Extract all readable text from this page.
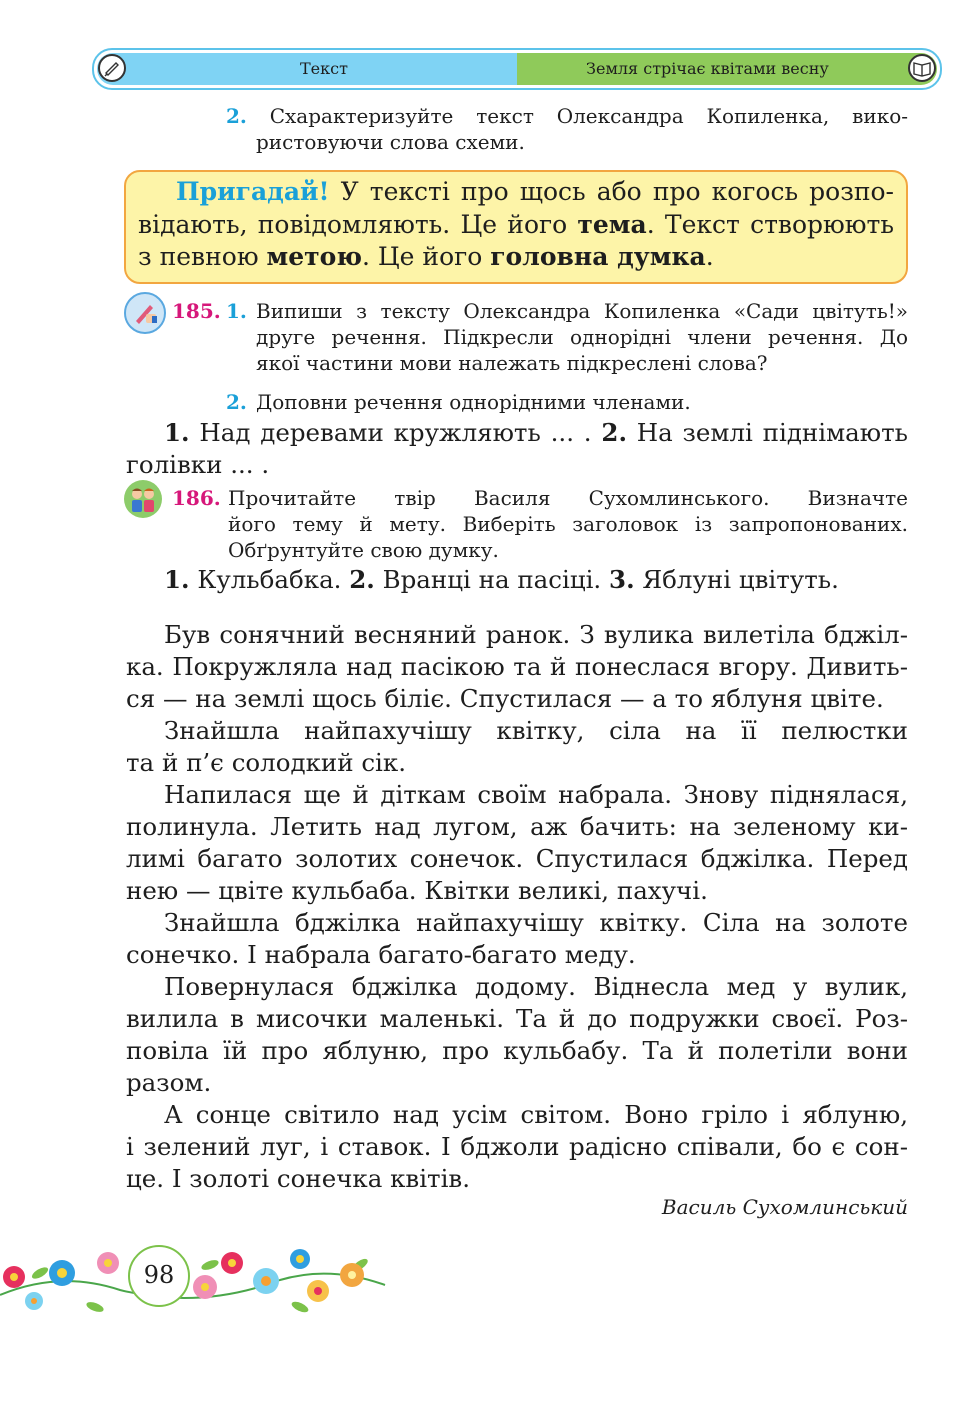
Текст	Земля стрічає квітами весну
2. Схарактеризуйте текст Олександра Копиленка, вико-
ристовуючи слова схеми.
Пригадай! У тексті про щось або про когось розпо-
відають, повідомляють. Це його тема. Текст створюють
з певною метою. Це його головна думка.
185. 1. Випиши з тексту Олександра Копиленка «Сади цвітуть!»
друге речення. Підкресли однорідні члени речення. До
якої частини мови належать підкреслені слова?
2. Доповни речення однорідними членами.
1. Над деревами кружляють ... . 2. На землі піднімають
голівки ... .
186. Прочитайте твір Василя Сухомлинського. Визначте
його тему й мету. Виберіть заголовок із запропонованих.
Обґрунтуйте свою думку.
1. Кульбабка. 2. Вранці на пасіці. 3. Яблуні цвітуть.
Був сонячний весняний ранок. З вулика вилетіла бджіл-
ка. Покружляла над пасікою та й понеслася вгору. Дивить-
ся — на землі щось біліє. Спустилася — а то яблуня цвіте.
Знайшла найпахучішу квітку, сіла на її пелюстки
та й п’є солодкий сік.
Напилася ще й діткам своїм набрала. Знову піднялася,
полинула. Летить над лугом, аж бачить: на зеленому ки-
лимі багато золотих сонечок. Спустилася бджілка. Перед
нею — цвіте кульбаба. Квітки великі, пахучі.
Знайшла бджілка найпахучішу квітку. Сіла на золоте
сонечко. І набрала багато-багато меду.
Повернулася бджілка додому. Віднесла мед у вулик,
вилила в мисочки маленькі. Та й до подружки своєї. Роз-
повіла їй про яблуню, про кульбабу. Та й полетіли вони
разом.
А сонце світило над усім світом. Воно гріло і яблуню,
і зелений луг, і ставок. І бджоли радісно співали, бо є сон-
це. І золоті сонечка квітів.
Василь Сухомлинський
98
